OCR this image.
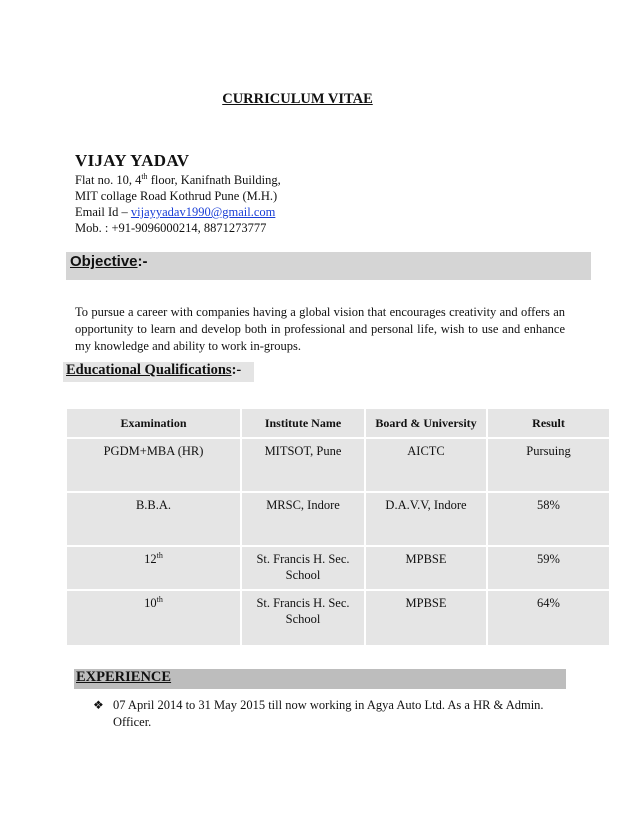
CURRICULUM VITAE
VIJAY YADAV
Flat no. 10, 4th floor, Kanifnath Building,
MIT collage Road Kothrud Pune (M.H.)
Email Id – vijayyadav1990@gmail.com
Mob. : +91-9096000214, 8871273777
Objective:-
To pursue a career with companies having a global vision that encourages creativity and offers an opportunity to learn and develop both in professional and personal life, wish to use and enhance my knowledge and ability to work in-groups.
Educational Qualifications:-
Examination	Institute Name	Board & University	Result
PGDM+MBA (HR)	MITSOT, Pune	AICTC	Pursuing
B.B.A.	MRSC, Indore	D.A.V.V, Indore	58%
12th	St. Francis H. Sec. School	MPBSE	59%
10th	St. Francis H. Sec. School	MPBSE	64%
EXPERIENCE
❖ 07 April 2014 to 31 May 2015 till now working in Agya Auto Ltd. As a HR & Admin. Officer.
